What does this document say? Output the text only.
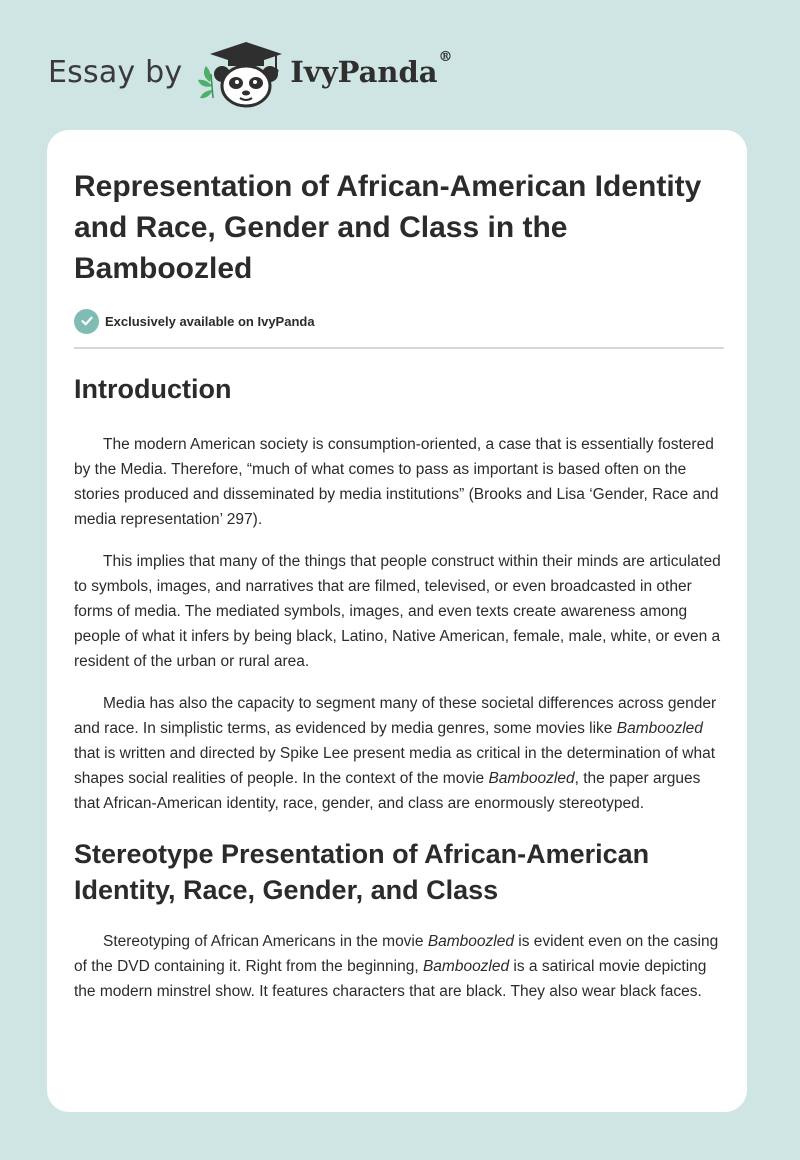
Essay by	IvyPanda®
Representation of African-American Identity and Race, Gender and Class in the Bamboozled
Exclusively available on IvyPanda
Introduction

The modern American society is consumption-oriented, a case that is essentially fostered by the Media. Therefore, “much of what comes to pass as important is based often on the stories produced and disseminated by media institutions” (Brooks and Lisa ‘Gender, Race and media representation’ 297).

This implies that many of the things that people construct within their minds are articulated to symbols, images, and narratives that are filmed, televised, or even broadcasted in other forms of media. The mediated symbols, images, and even texts create awareness among people of what it infers by being black, Latino, Native American, female, male, white, or even a resident of the urban or rural area.

Media has also the capacity to segment many of these societal differences across gender and race. In simplistic terms, as evidenced by media genres, some movies like Bamboozled that is written and directed by Spike Lee present media as critical in the determination of what shapes social realities of people. In the context of the movie Bamboozled, the paper argues that African-American identity, race, gender, and class are enormously stereotyped.

Stereotype Presentation of African-American Identity, Race, Gender, and Class

Stereotyping of African Americans in the movie Bamboozled is evident even on the casing of the DVD containing it. Right from the beginning, Bamboozled is a satirical movie depicting the modern minstrel show. It features characters that are black. They also wear black faces.
